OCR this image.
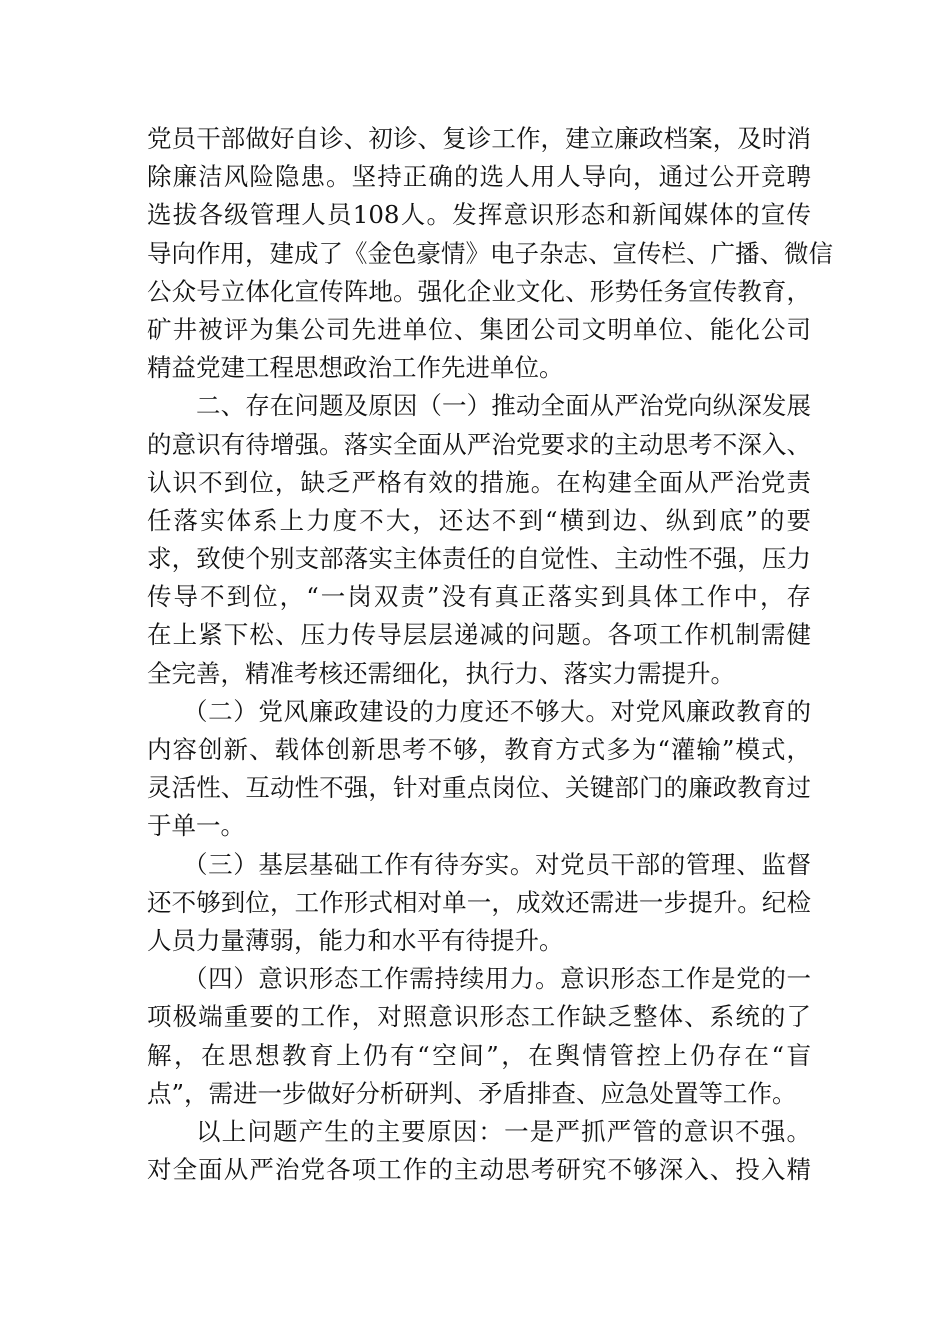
党员干部做好自诊、初诊、复诊工作，建立廉政档案，及时消
除廉洁风险隐患。坚持正确的选人用人导向，通过公开竞聘
选拔各级管理人员108人。发挥意识形态和新闻媒体的宣传
导向作用，建成了《金色豪情》电子杂志、宣传栏、广播、微信
公众号立体化宣传阵地。强化企业文化、形势任务宣传教育，
矿井被评为集公司先进单位、集团公司文明单位、能化公司
精益党建工程思想政治工作先进单位。
二、存在问题及原因（一）推动全面从严治党向纵深发展
的意识有待增强。落实全面从严治党要求的主动思考不深入、
认识不到位，缺乏严格有效的措施。在构建全面从严治党责
任落实体系上力度不大，还达不到“横到边、纵到底”的要
求，致使个别支部落实主体责任的自觉性、主动性不强，压力
传导不到位，“一岗双责”没有真正落实到具体工作中，存
在上紧下松、压力传导层层递减的问题。各项工作机制需健
全完善，精准考核还需细化，执行力、落实力需提升。
（二）党风廉政建设的力度还不够大。对党风廉政教育的
内容创新、载体创新思考不够，教育方式多为“灌输”模式，
灵活性、互动性不强，针对重点岗位、关键部门的廉政教育过
于单一。
（三）基层基础工作有待夯实。对党员干部的管理、监督
还不够到位，工作形式相对单一，成效还需进一步提升。纪检
人员力量薄弱，能力和水平有待提升。
（四）意识形态工作需持续用力。意识形态工作是党的一
项极端重要的工作，对照意识形态工作缺乏整体、系统的了
解，在思想教育上仍有“空间”，在舆情管控上仍存在“盲
点”，需进一步做好分析研判、矛盾排查、应急处置等工作。
以上问题产生的主要原因：一是严抓严管的意识不强。
对全面从严治党各项工作的主动思考研究不够深入、投入精
